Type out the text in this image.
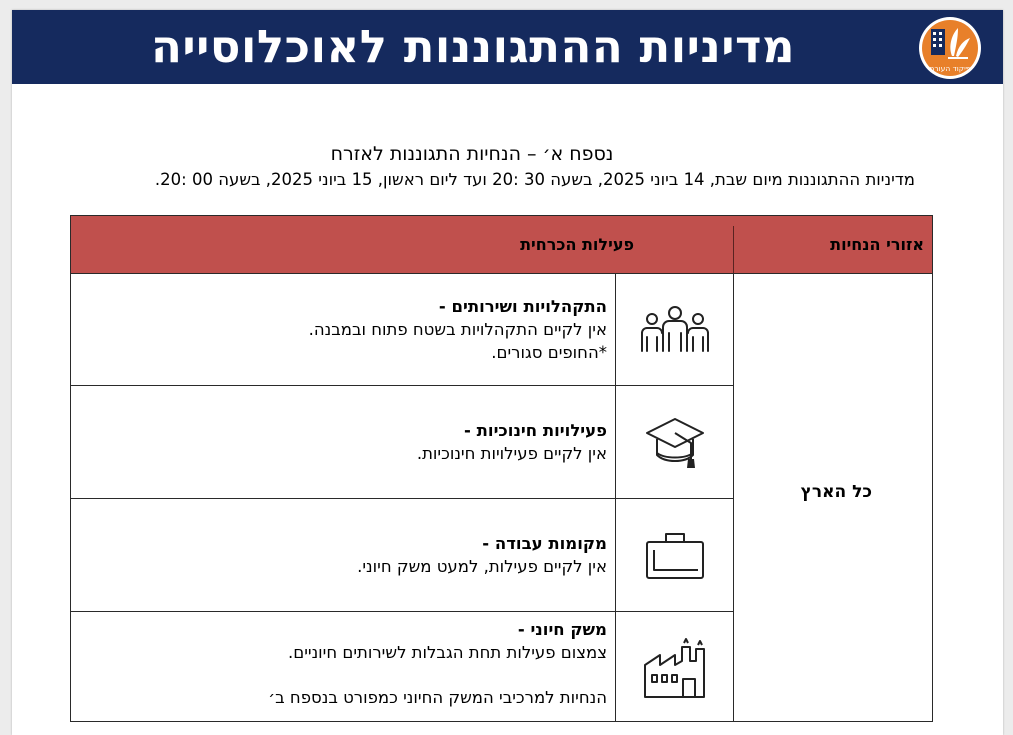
מדיניות ההתגוננות לאוכלוסייה	פיקוד העורף
נספח א׳ – הנחיות התגוננות לאזרח
מדיניות ההתגוננות מיום שבת, 14 ביוני 2025, בשעה 30 :20 ועד ליום ראשון, 15 ביוני 2025, בשעה 00 :20.
אזורי הנחיות
פעילות הכרחית
כל הארץ
התקהלויות ושירותים -
אין לקיים התקהלויות בשטח פתוח ובמבנה.
*החופים סגורים.
פעילויות חינוכיות -
אין לקיים פעילויות חינוכיות.
מקומות עבודה -
אין לקיים פעילות, למעט משק חיוני.
משק חיוני -
צמצום פעילות תחת הגבלות לשירותים חיוניים.
הנחיות למרכיבי המשק החיוני כמפורט בנספח ב׳
